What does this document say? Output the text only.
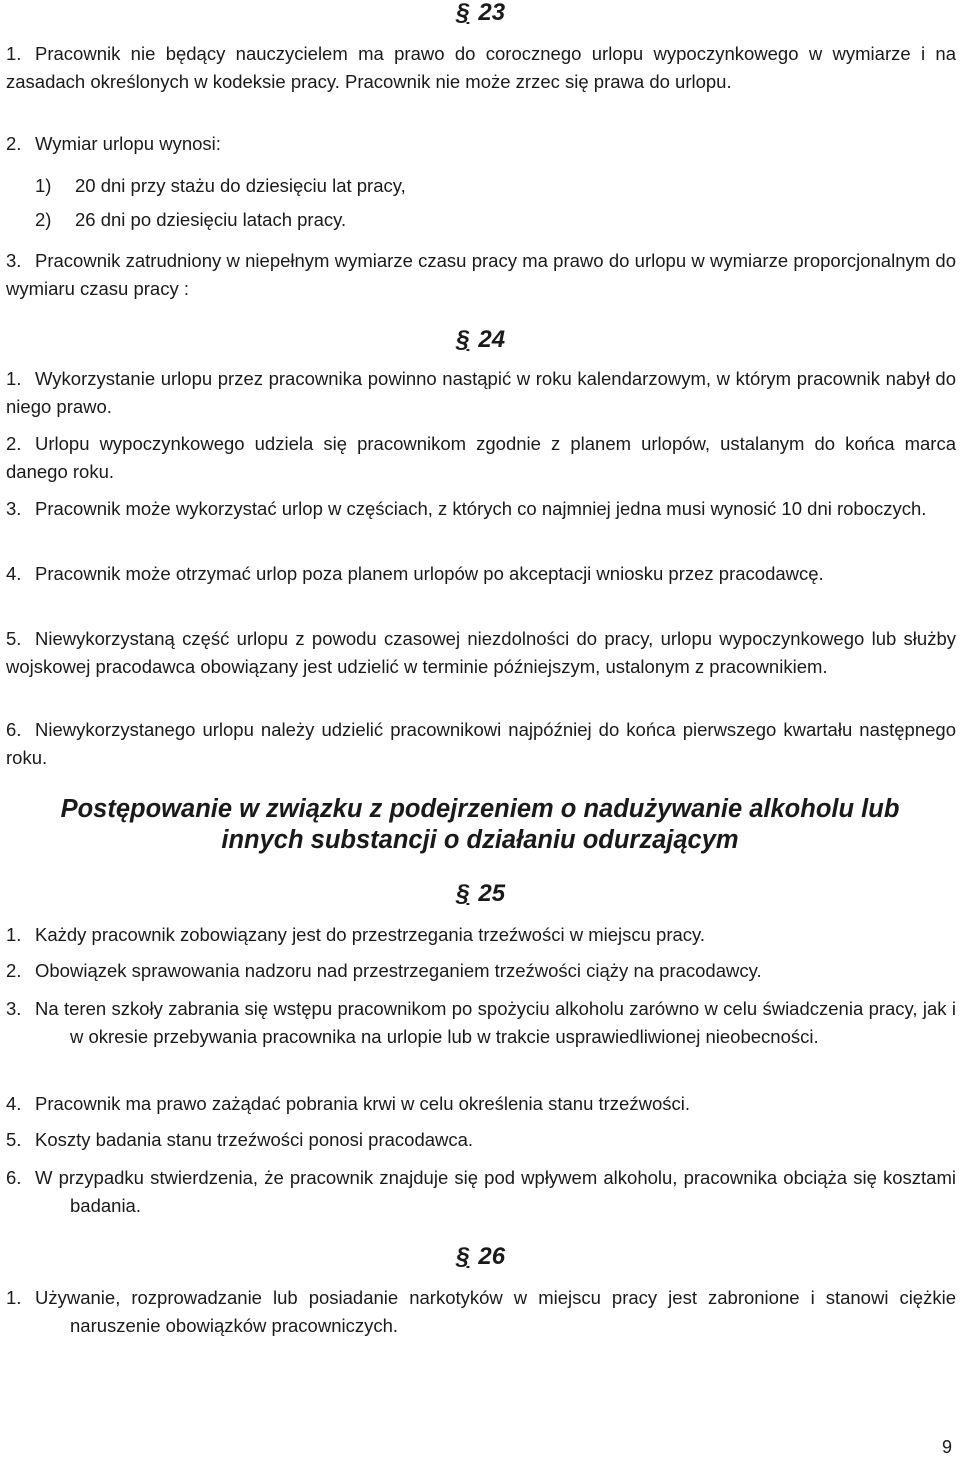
§ 23
1. Pracownik nie będący nauczycielem ma prawo do corocznego urlopu wypoczynkowego w wymiarze i na zasadach określonych w kodeksie pracy. Pracownik nie może zrzec się prawa do urlopu.
2. Wymiar urlopu wynosi:
1) 20 dni przy stażu do dziesięciu lat pracy,
2) 26 dni po dziesięciu latach pracy.
3. Pracownik zatrudniony w niepełnym wymiarze czasu pracy ma prawo do urlopu w wymiarze proporcjonalnym do wymiaru czasu pracy :
§ 24
1. Wykorzystanie urlopu przez pracownika powinno nastąpić w roku kalendarzowym, w którym pracownik nabył do niego prawo.
2. Urlopu wypoczynkowego udziela się pracownikom zgodnie z planem urlopów, ustalanym do końca marca danego roku.
3. Pracownik może wykorzystać urlop w częściach, z których co najmniej jedna musi wynosić 10 dni roboczych.
4. Pracownik może otrzymać urlop poza planem urlopów po akceptacji wniosku przez pracodawcę.
5. Niewykorzystaną część urlopu z powodu czasowej niezdolności do pracy, urlopu wypoczynkowego lub służby wojskowej pracodawca obowiązany jest udzielić w terminie późniejszym, ustalonym z pracownikiem.
6. Niewykorzystanego urlopu należy udzielić pracownikowi najpóźniej do końca pierwszego kwartału następnego roku.
Postępowanie w związku z podejrzeniem o nadużywanie alkoholu lub
innych substancji o działaniu odurzającym
§ 25
1. Każdy pracownik zobowiązany jest do przestrzegania trzeźwości w miejscu pracy.
2. Obowiązek sprawowania nadzoru nad przestrzeganiem trzeźwości ciąży na pracodawcy.
3. Na teren szkoły zabrania się wstępu pracownikom po spożyciu alkoholu zarówno w celu świadczenia pracy, jak i w okresie przebywania pracownika na urlopie lub w trakcie usprawiedliwionej nieobecności.
4. Pracownik ma prawo zażądać pobrania krwi w celu określenia stanu trzeźwości.
5. Koszty badania stanu trzeźwości ponosi pracodawca.
6. W przypadku stwierdzenia, że pracownik znajduje się pod wpływem alkoholu, pracownika obciąża się kosztami badania.
§ 26
1. Używanie, rozprowadzanie lub posiadanie narkotyków w miejscu pracy jest zabronione i stanowi ciężkie naruszenie obowiązków pracowniczych.
9
